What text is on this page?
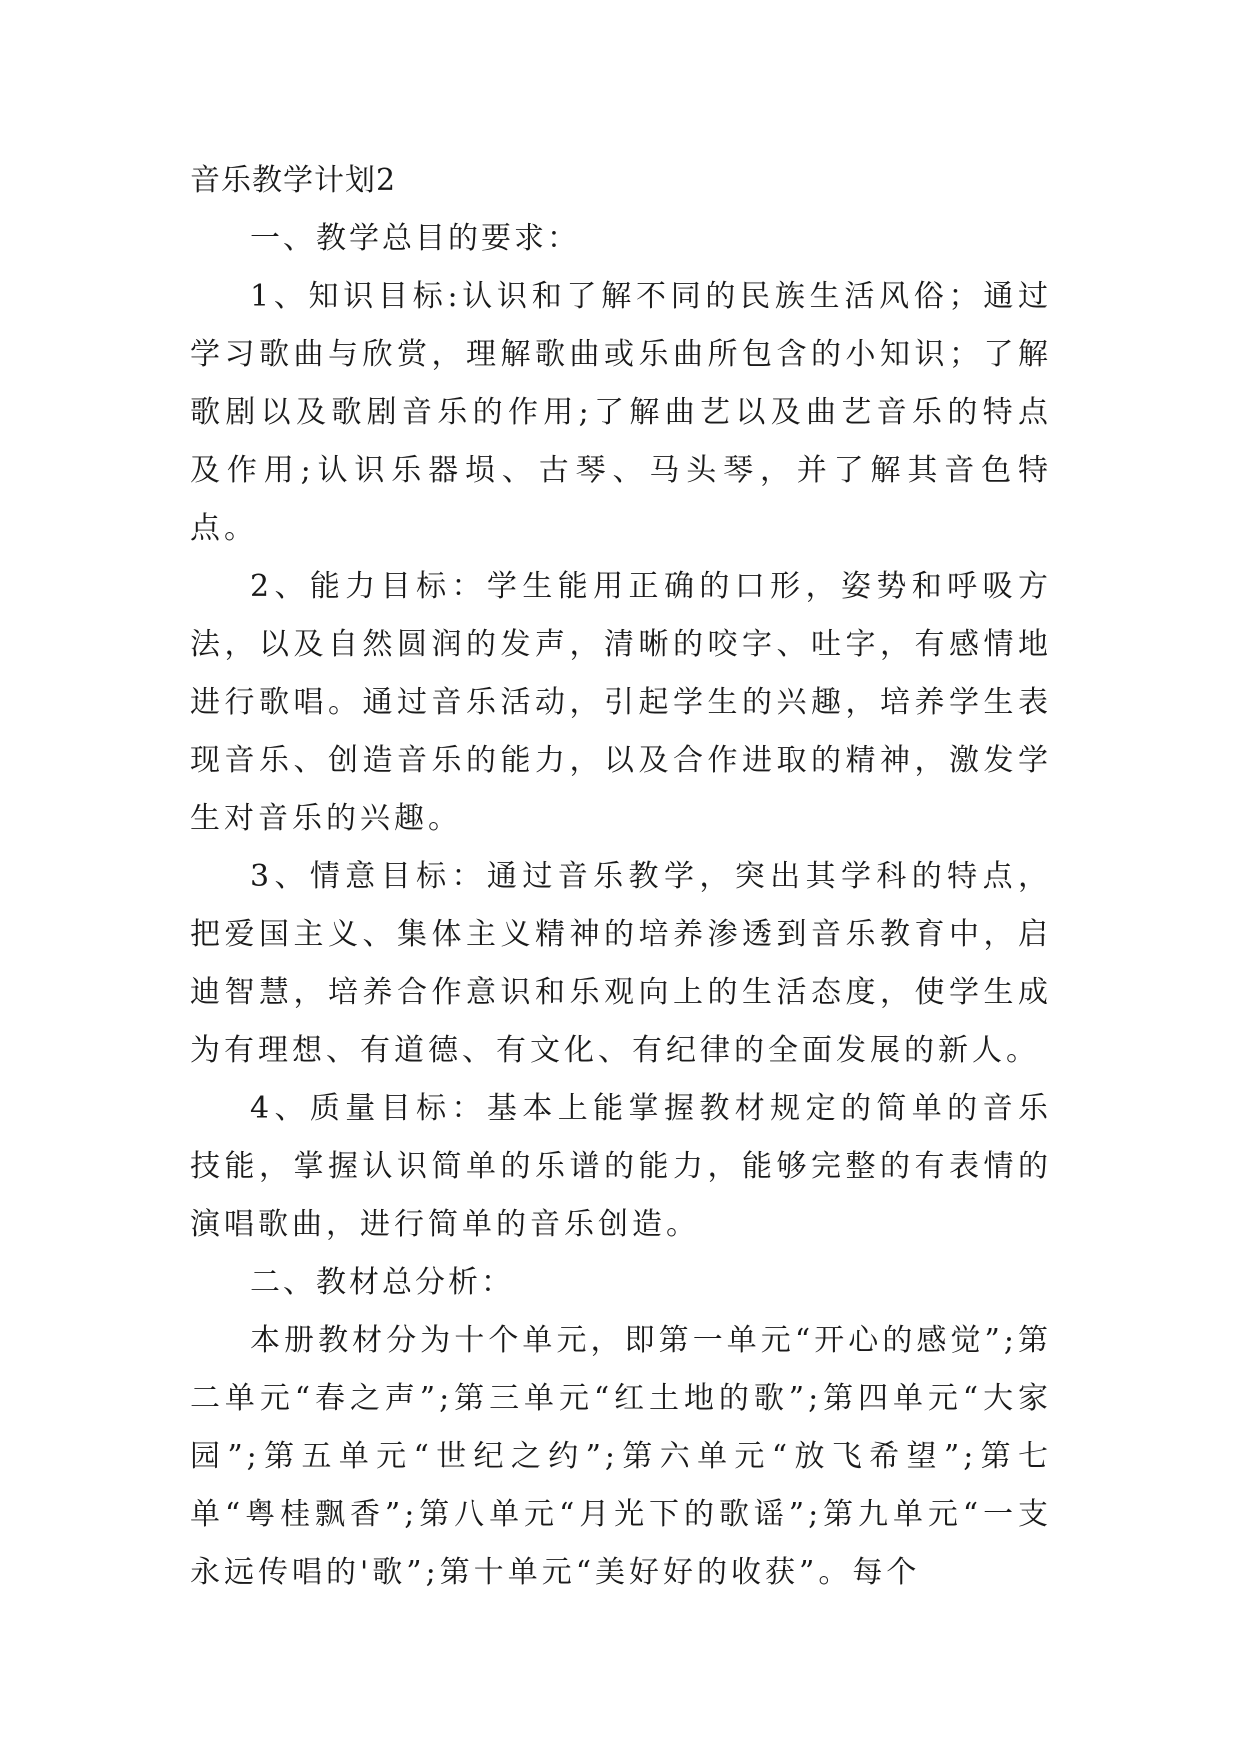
音乐教学计划2

一、教学总目的要求：

1、知识目标:认识和了解不同的民族生活风俗；通过学习歌曲与欣赏，理解歌曲或乐曲所包含的小知识；了解歌剧以及歌剧音乐的作用;了解曲艺以及曲艺音乐的特点及作用;认识乐器埙、古琴、马头琴，并了解其音色特点。

2、能力目标：学生能用正确的口形，姿势和呼吸方法，以及自然圆润的发声，清晰的咬字、吐字，有感情地进行歌唱。通过音乐活动，引起学生的兴趣，培养学生表现音乐、创造音乐的能力，以及合作进取的精神，激发学生对音乐的兴趣。

3、情意目标：通过音乐教学，突出其学科的特点，把爱国主义、集体主义精神的培养渗透到音乐教育中，启迪智慧，培养合作意识和乐观向上的生活态度，使学生成为有理想、有道德、有文化、有纪律的全面发展的新人。

4、质量目标：基本上能掌握教材规定的简单的音乐技能，掌握认识简单的乐谱的能力，能够完整的有表情的演唱歌曲，进行简单的音乐创造。

二、教材总分析：

本册教材分为十个单元，即第一单元“开心的感觉”;第二单元“春之声”;第三单元“红土地的歌”;第四单元“大家园”;第五单元“世纪之约”;第六单元“放飞希望”;第七单“粤桂飘香”;第八单元“月光下的歌谣”;第九单元“一支永远传唱的'歌”;第十单元“美好好的收获”。每个
